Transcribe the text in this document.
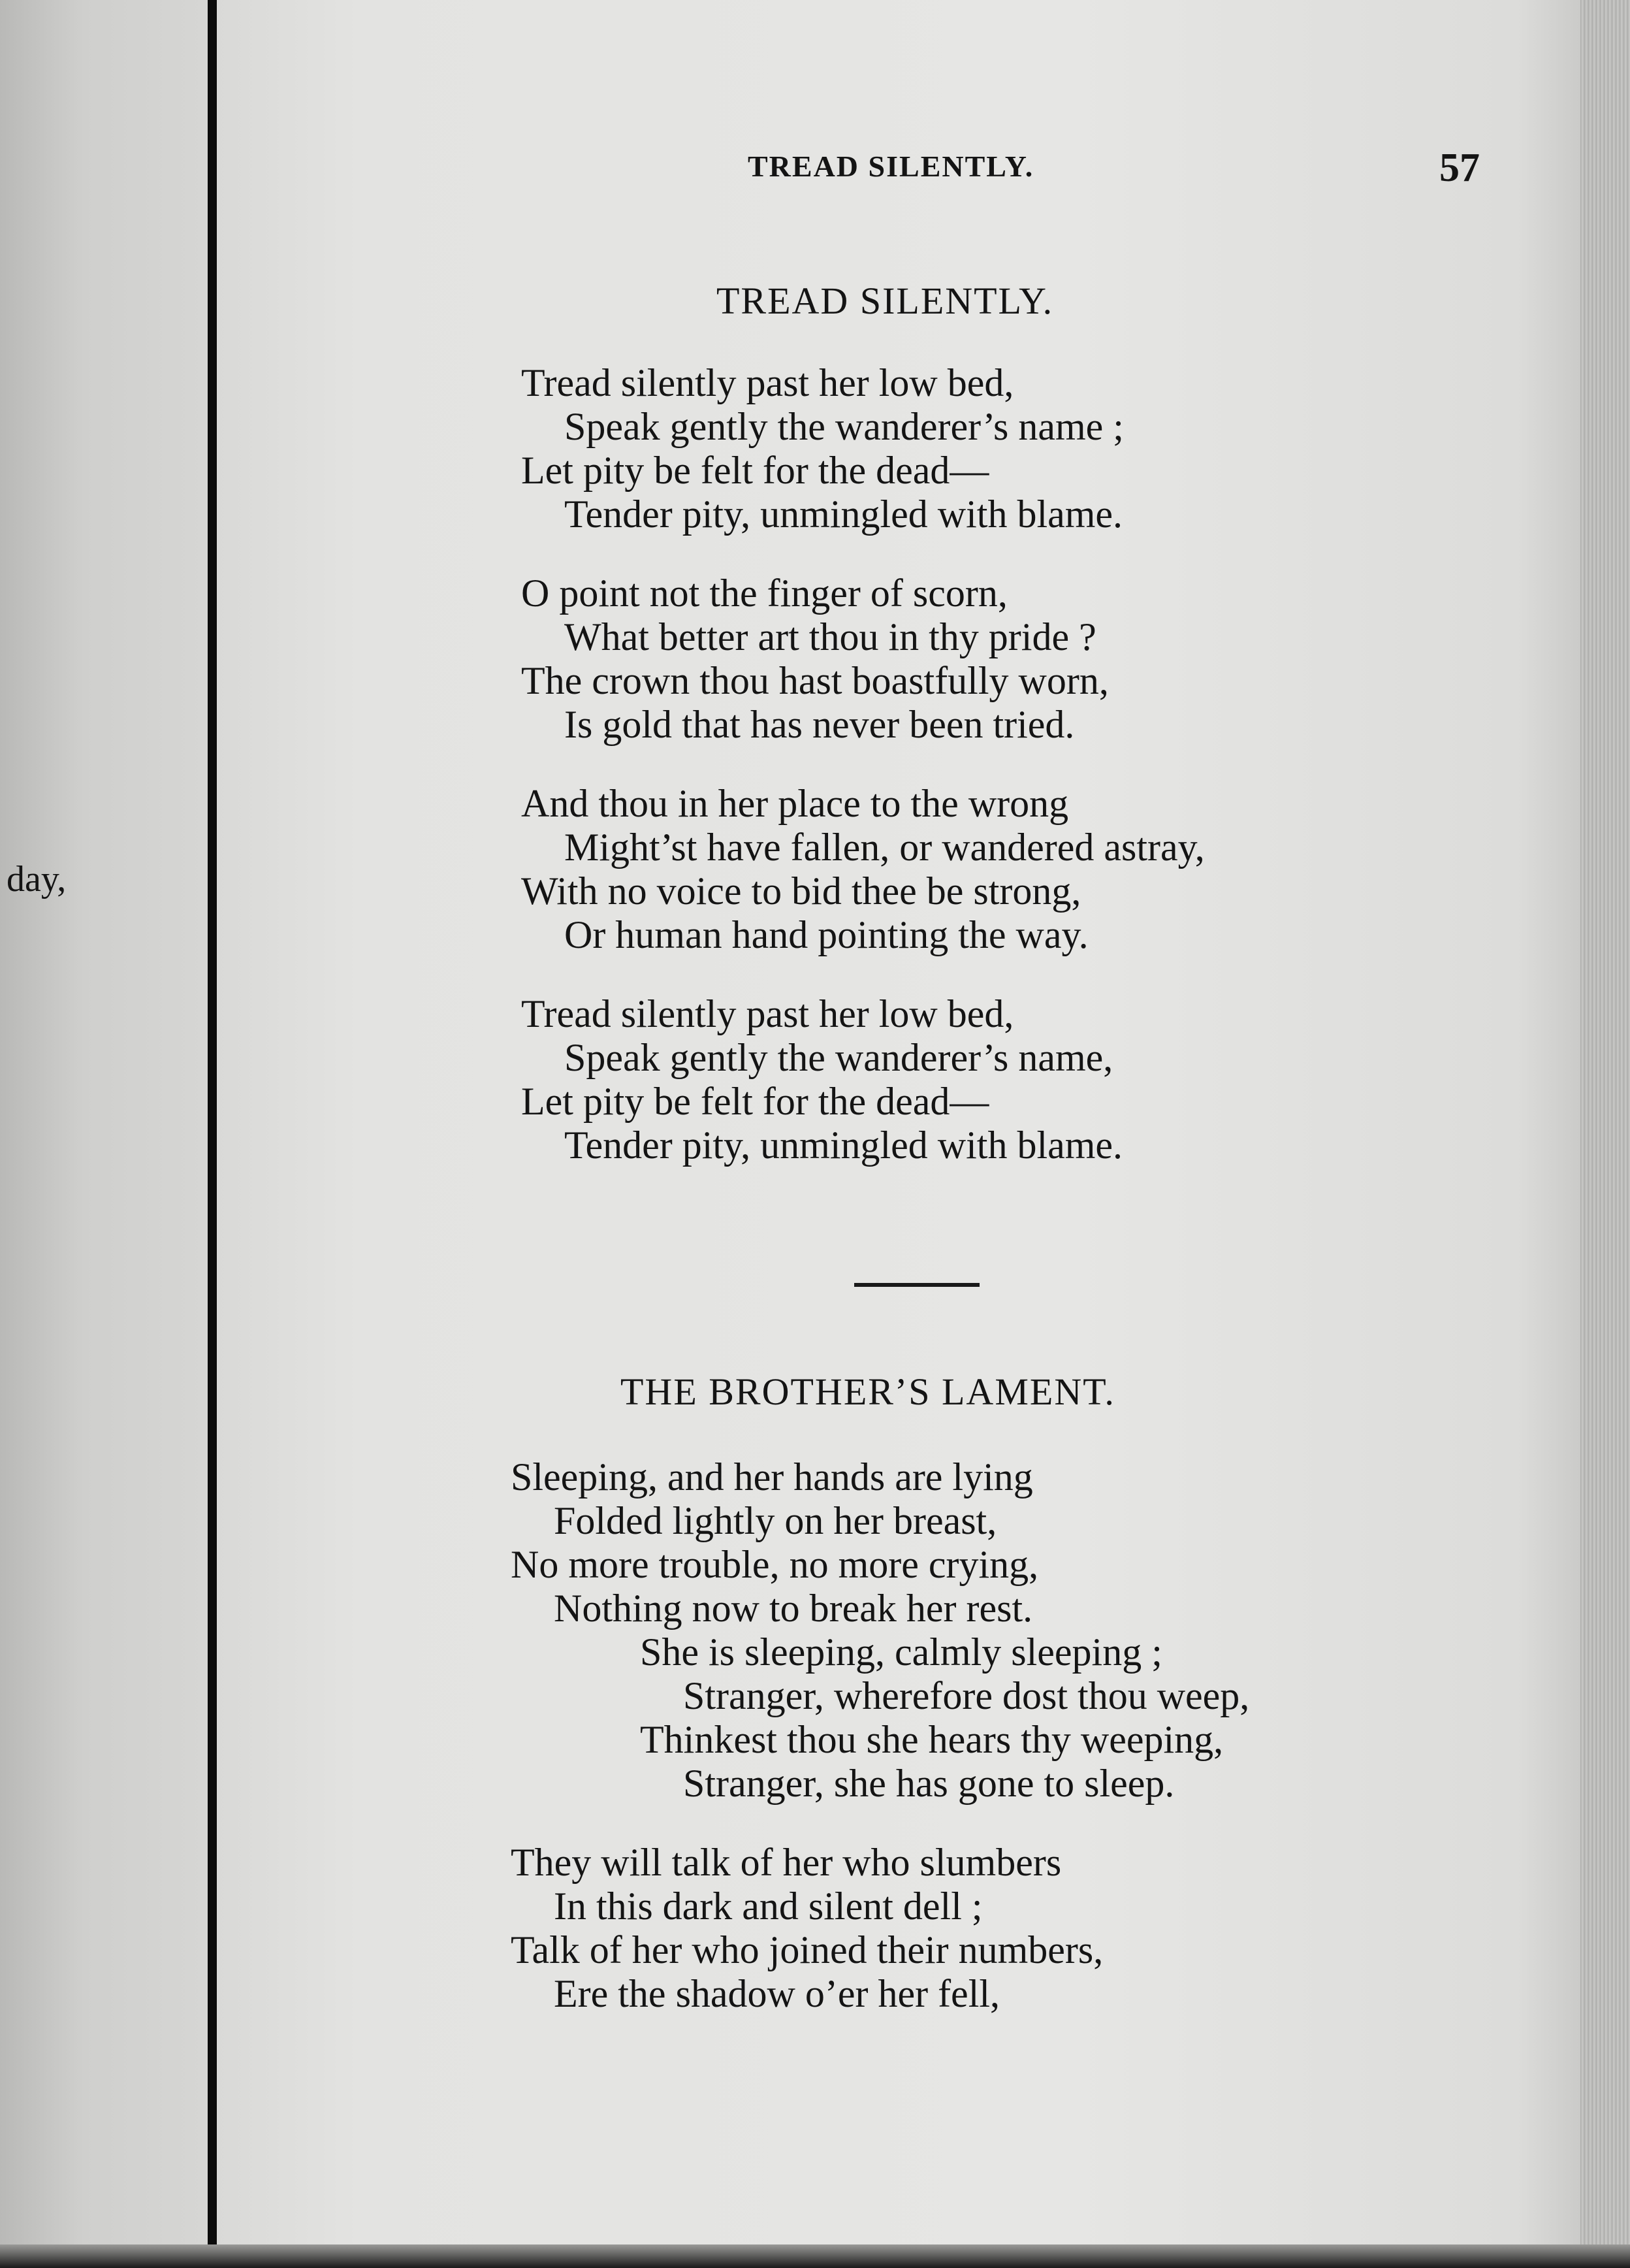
day,
TREAD SILENTLY.	57
TREAD SILENTLY.
Tread silently past her low bed,
Speak gently the wanderer’s name ;
Let pity be felt for the dead—
Tender pity, unmingled with blame.
O point not the finger of scorn,
What better art thou in thy pride ?
The crown thou hast boastfully worn,
Is gold that has never been tried.
And thou in her place to the wrong
Might’st have fallen, or wandered astray,
With no voice to bid thee be strong,
Or human hand pointing the way.
Tread silently past her low bed,
Speak gently the wanderer’s name,
Let pity be felt for the dead—
Tender pity, unmingled with blame.
THE BROTHER’S LAMENT.
Sleeping, and her hands are lying
Folded lightly on her breast,
No more trouble, no more crying,
Nothing now to break her rest.
She is sleeping, calmly sleeping ;
Stranger, wherefore dost thou weep,
Thinkest thou she hears thy weeping,
Stranger, she has gone to sleep.
They will talk of her who slumbers
In this dark and silent dell ;
Talk of her who joined their numbers,
Ere the shadow o’er her fell,
